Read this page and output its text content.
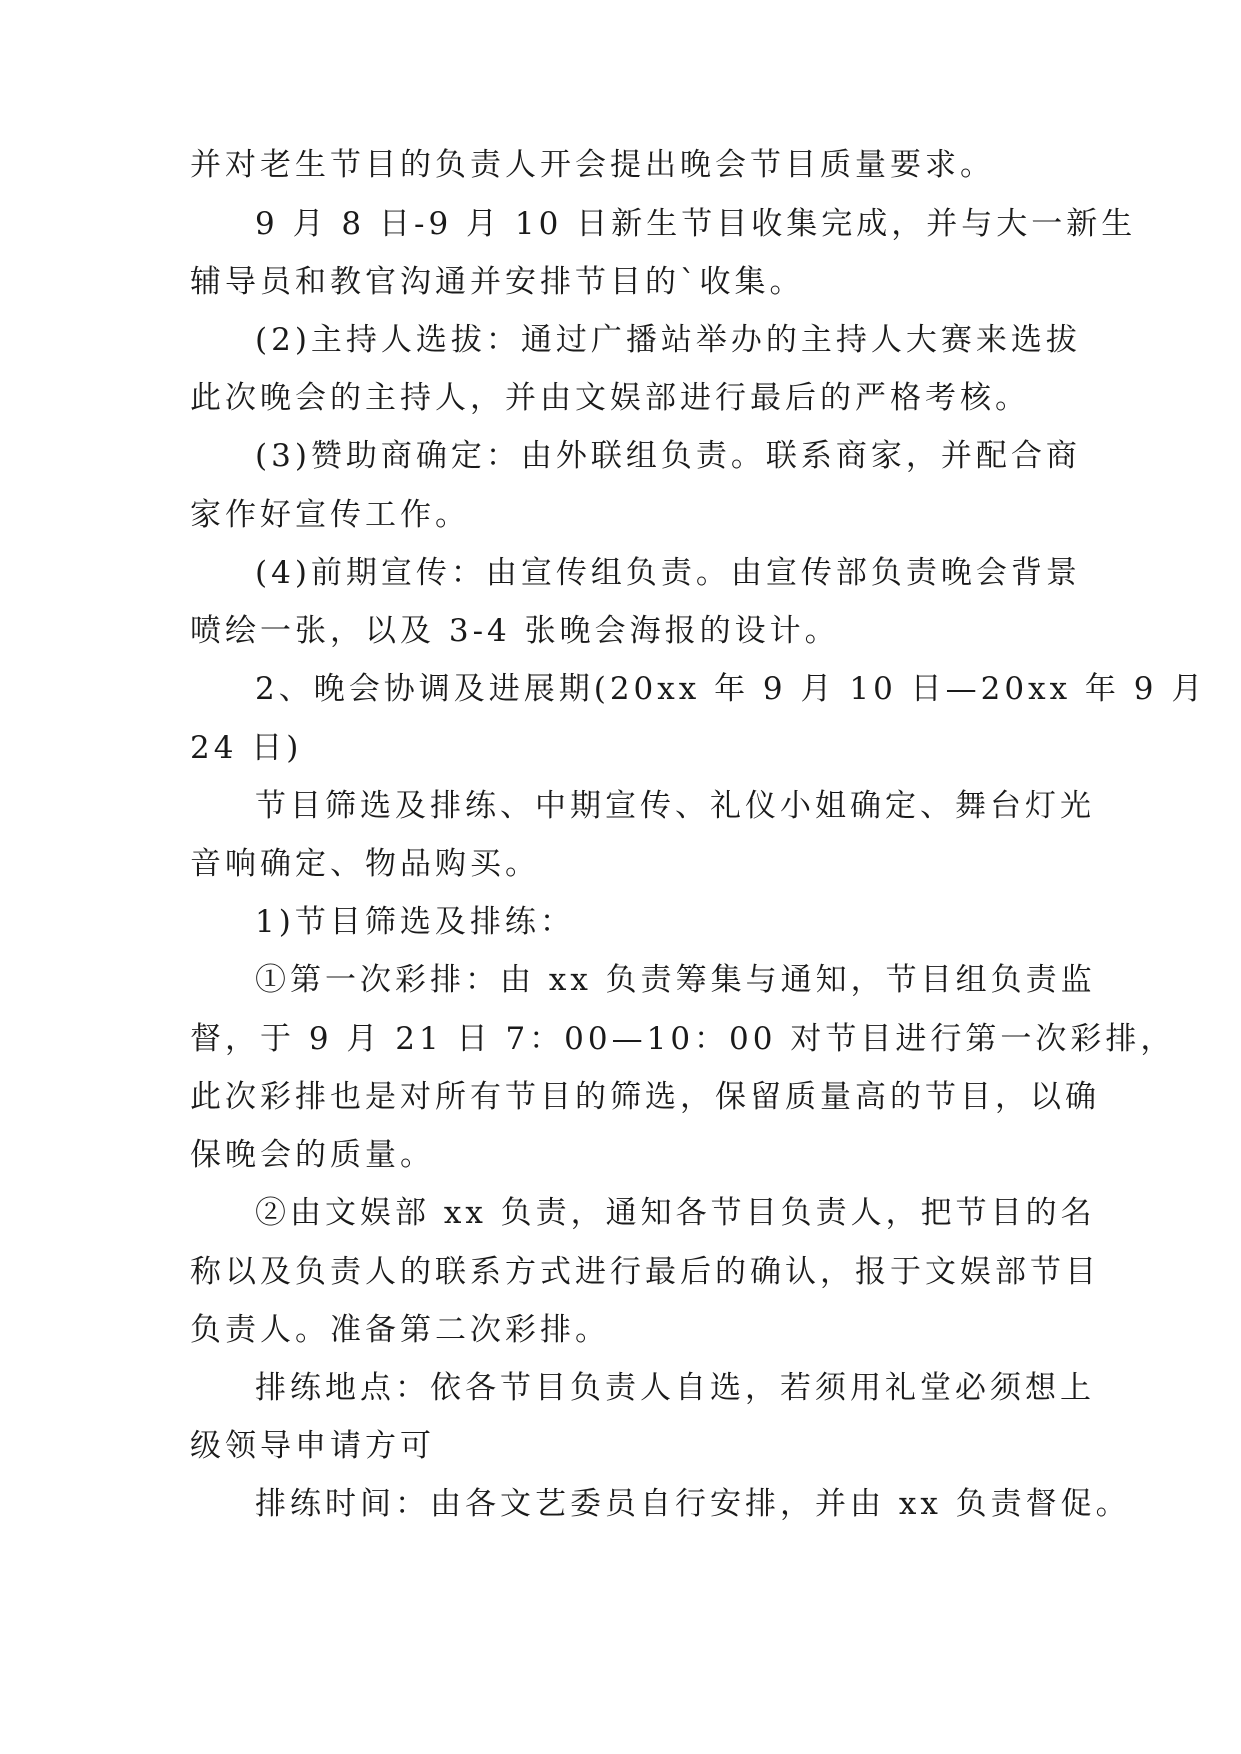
并对老生节目的负责人开会提出晚会节目质量要求。
9 月 8 日-9 月 10 日新生节目收集完成，并与大一新生
辅导员和教官沟通并安排节目的`收集。
(2)主持人选拔：通过广播站举办的主持人大赛来选拔
此次晚会的主持人，并由文娱部进行最后的严格考核。
(3)赞助商确定：由外联组负责。联系商家，并配合商
家作好宣传工作。
(4)前期宣传：由宣传组负责。由宣传部负责晚会背景
喷绘一张，以及 3-4 张晚会海报的设计。
2、晚会协调及进展期(20xx 年 9 月 10 日—20xx 年 9 月
24 日)
节目筛选及排练、中期宣传、礼仪小姐确定、舞台灯光
音响确定、物品购买。
1)节目筛选及排练：
①第一次彩排：由 xx 负责筹集与通知，节目组负责监
督，于 9 月 21 日 7：00—10：00 对节目进行第一次彩排，
此次彩排也是对所有节目的筛选，保留质量高的节目，以确
保晚会的质量。
②由文娱部 xx 负责，通知各节目负责人，把节目的名
称以及负责人的联系方式进行最后的确认，报于文娱部节目
负责人。准备第二次彩排。
排练地点：依各节目负责人自选，若须用礼堂必须想上
级领导申请方可
排练时间：由各文艺委员自行安排，并由 xx 负责督促。
